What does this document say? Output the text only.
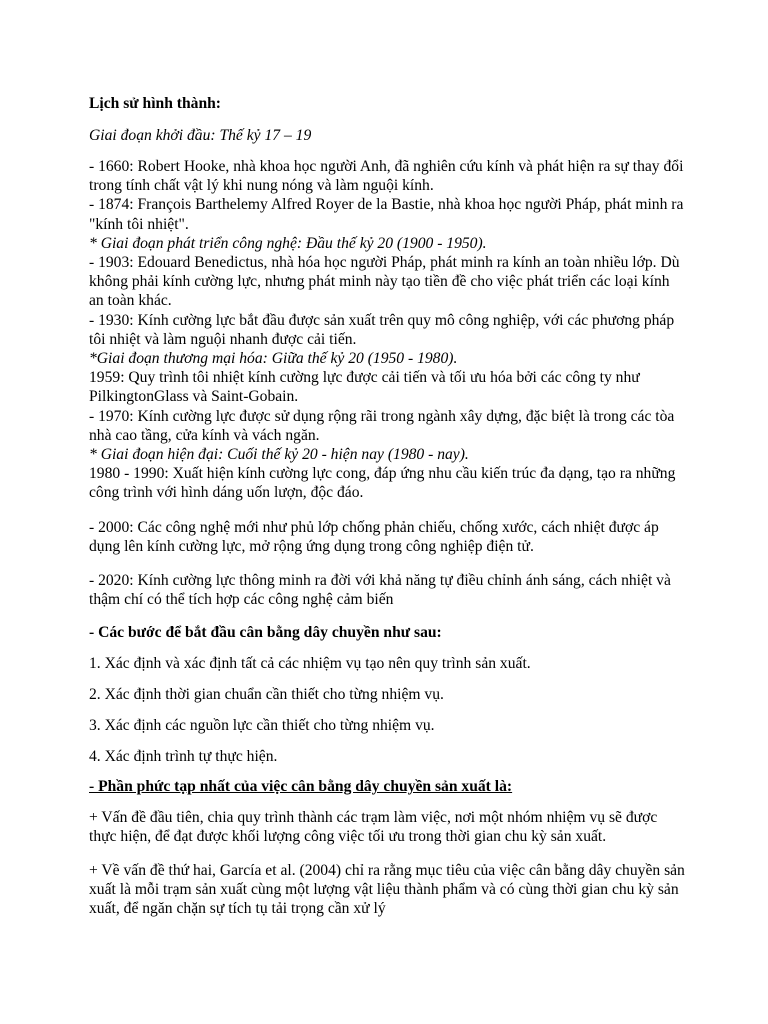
Lịch sử hình thành:

Giai đoạn khởi đầu: Thế kỷ 17 – 19

- 1660: Robert Hooke, nhà khoa học người Anh, đã nghiên cứu kính và phát hiện ra sự thay đổi trong tính chất vật lý khi nung nóng và làm nguội kính.

- 1874: François Barthelemy Alfred Royer de la Bastie, nhà khoa học người Pháp, phát minh ra "kính tôi nhiệt".

* Giai đoạn phát triển công nghệ: Đầu thế kỷ 20 (1900 - 1950).

- 1903: Edouard Benedictus, nhà hóa học người Pháp, phát minh ra kính an toàn nhiều lớp. Dù không phải kính cường lực, nhưng phát minh này tạo tiền đề cho việc phát triển các loại kính an toàn khác.

- 1930: Kính cường lực bắt đầu được sản xuất trên quy mô công nghiệp, với các phương pháp tôi nhiệt và làm nguội nhanh được cải tiến.

*Giai đoạn thương mại hóa: Giữa thế kỷ 20 (1950 - 1980).

1959: Quy trình tôi nhiệt kính cường lực được cải tiến và tối ưu hóa bởi các công ty như PilkingtonGlass và Saint-Gobain.

- 1970: Kính cường lực được sử dụng rộng rãi trong ngành xây dựng, đặc biệt là trong các tòa nhà cao tầng, cửa kính và vách ngăn.

* Giai đoạn hiện đại: Cuối thế kỷ 20 - hiện nay (1980 - nay).

1980 - 1990: Xuất hiện kính cường lực cong, đáp ứng nhu cầu kiến trúc đa dạng, tạo ra những công trình với hình dáng uốn lượn, độc đáo.

- 2000: Các công nghệ mới như phủ lớp chống phản chiếu, chống xước, cách nhiệt được áp dụng lên kính cường lực, mở rộng ứng dụng trong công nghiệp điện tử.

- 2020: Kính cường lực thông minh ra đời với khả năng tự điều chỉnh ánh sáng, cách nhiệt và thậm chí có thể tích hợp các công nghệ cảm biến

- Các bước để bắt đầu cân bằng dây chuyền như sau:

1. Xác định và xác định tất cả các nhiệm vụ tạo nên quy trình sản xuất.

2. Xác định thời gian chuẩn cần thiết cho từng nhiệm vụ.

3. Xác định các nguồn lực cần thiết cho từng nhiệm vụ.

4. Xác định trình tự thực hiện.

- Phần phức tạp nhất của việc cân bằng dây chuyền sản xuất là:

+ Vấn đề đầu tiên, chia quy trình thành các trạm làm việc, nơi một nhóm nhiệm vụ sẽ được thực hiện, để đạt được khối lượng công việc tối ưu trong thời gian chu kỳ sản xuất.

+ Về vấn đề thứ hai, García et al. (2004) chỉ ra rằng mục tiêu của việc cân bằng dây chuyền sản xuất là mỗi trạm sản xuất cùng một lượng vật liệu thành phẩm và có cùng thời gian chu kỳ sản xuất, để ngăn chặn sự tích tụ tải trọng cần xử lý
